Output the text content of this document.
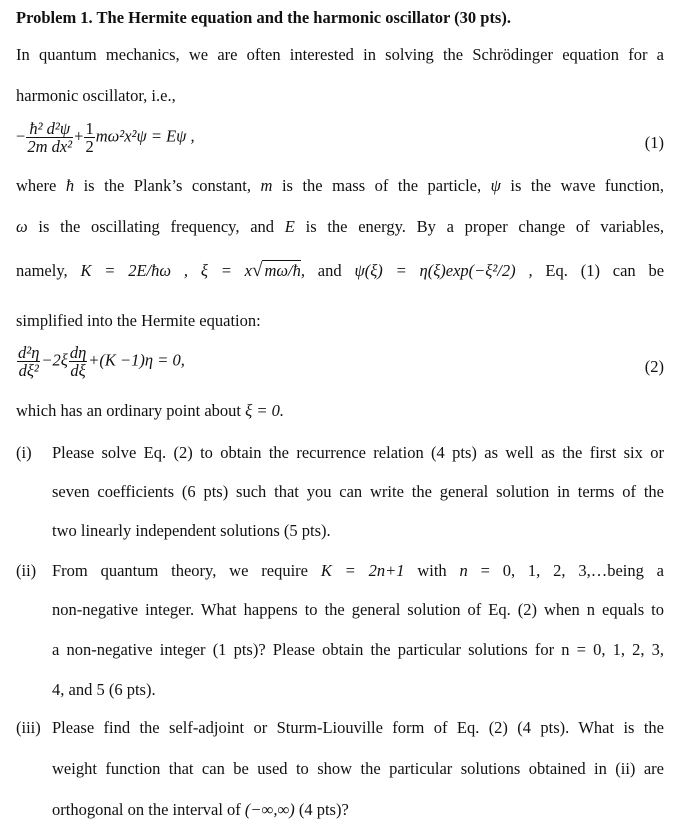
Problem 1. The Hermite equation and the harmonic oscillator (30 pts).
In quantum mechanics, we are often interested in solving the Schrödinger equation for a
harmonic oscillator, i.e.,
− $\frac{\text{ħ² d²ψ}}{\text{2m dx²}} + \frac{1}{2} m\omega^2x^2\psi = E\psi$ ,	(1)
where ħ is the Plank’s constant, m is the mass of the particle, ψ is the wave function,
ω is the oscillating frequency, and E is the energy. By a proper change of variables,
namely, K = 2E/ħω , ξ = x√ mω/ħ, and ψ(ξ) = η(ξ)exp(−ξ²/2) , Eq. (1) can be
simplified into the Hermite equation:
$\frac{\text{d²η}}{\text{dξ²}} -2\xi \frac{d\eta}{d\xi} +(K -1)\eta = 0$,	(2)
which has an ordinary point about ξ = 0.
(i) Please solve Eq. (2) to obtain the recurrence relation (4 pts) as well as the first six or
seven coefficients (6 pts) such that you can write the general solution in terms of the
two linearly independent solutions (5 pts).
(ii) From quantum theory, we require K = 2n+1 with n = 0, 1, 2, 3,…being a
non-negative integer. What happens to the general solution of Eq. (2) when n equals to
a non-negative integer (1 pts)? Please obtain the particular solutions for n = 0, 1, 2, 3,
4, and 5 (6 pts).
(iii) Please find the self-adjoint or Sturm-Liouville form of Eq. (2) (4 pts). What is the
weight function that can be used to show the particular solutions obtained in (ii) are
orthogonal on the interval of (−∞,∞) (4 pts)?
